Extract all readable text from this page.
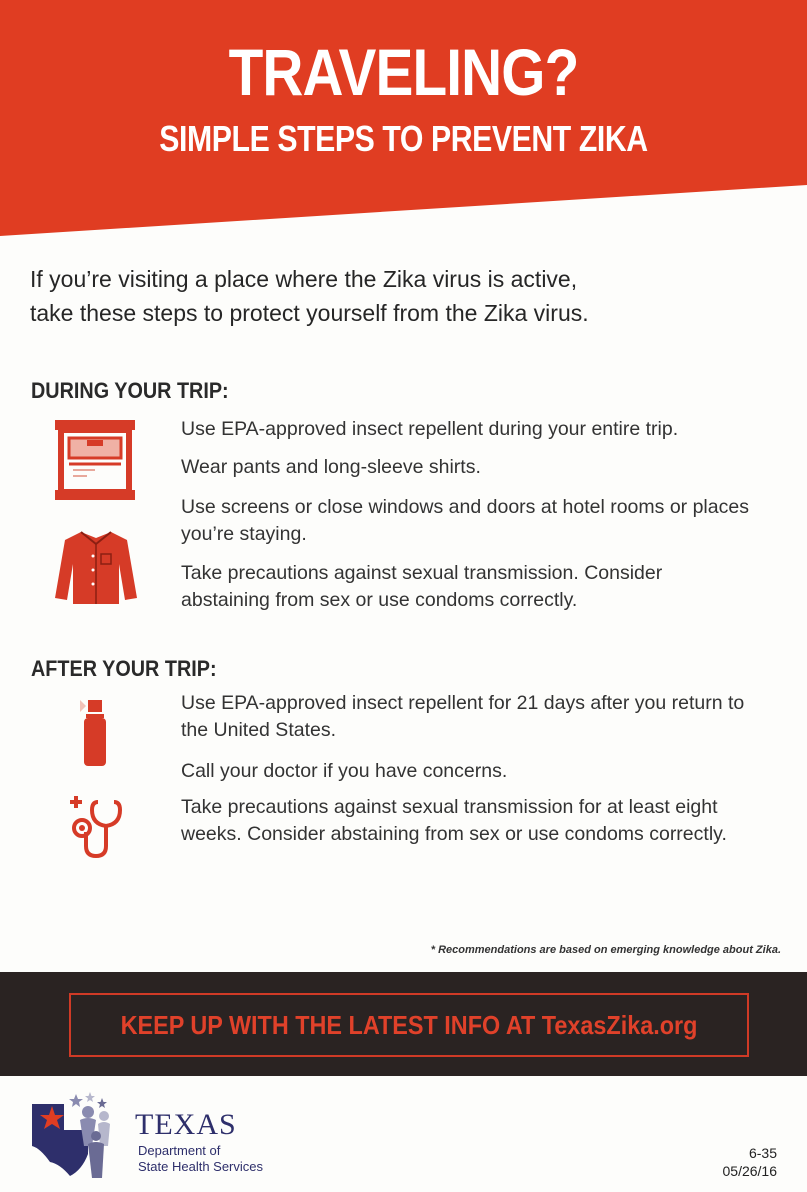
TRAVELING?
SIMPLE STEPS TO PREVENT ZIKA
If you’re visiting a place where the Zika virus is active,
take these steps to protect yourself from the Zika virus.
DURING YOUR TRIP:
Use EPA-approved insect repellent during your entire trip.
Wear pants and long-sleeve shirts.
Use screens or close windows and doors at hotel rooms or places you’re staying.
Take precautions against sexual transmission. Consider abstaining from sex or use condoms correctly.
AFTER YOUR TRIP:
Use EPA-approved insect repellent for 21 days after you return to the United States.
Call your doctor if you have concerns.
Take precautions against sexual transmission for at least eight weeks. Consider abstaining from sex or use condoms correctly.
* Recommendations are based on emerging knowledge about Zika.
KEEP UP WITH THE LATEST INFO AT TexasZika.org
TEXAS
Department of
State Health Services
6-35
05/26/16
